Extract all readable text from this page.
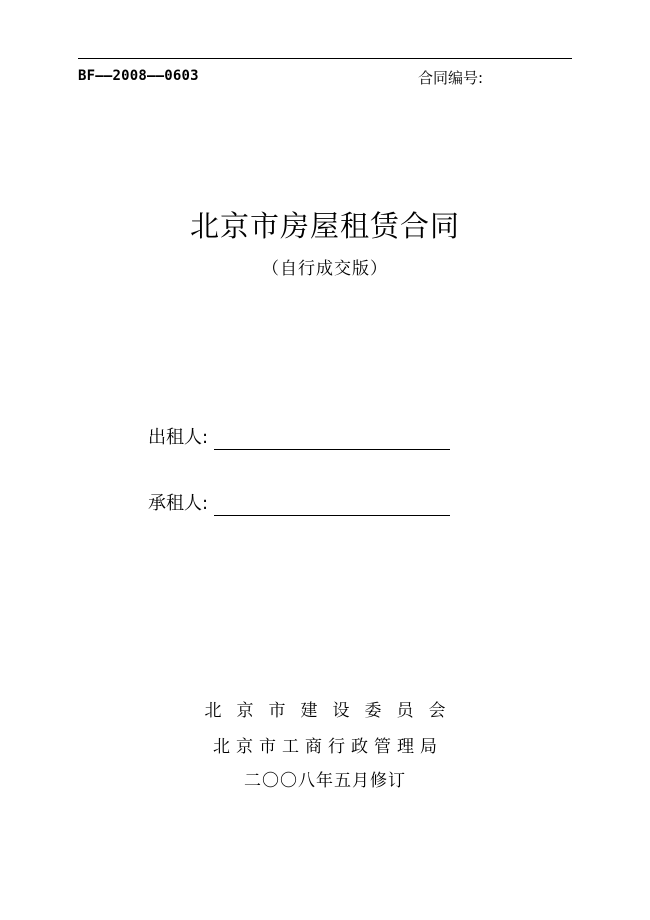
BF——2008——0603	合同编号:
北京市房屋租赁合同
（自行成交版）
出租人:
承租人:
北京市建设委员会
北京市工商行政管理局
二〇〇八年五月修订
